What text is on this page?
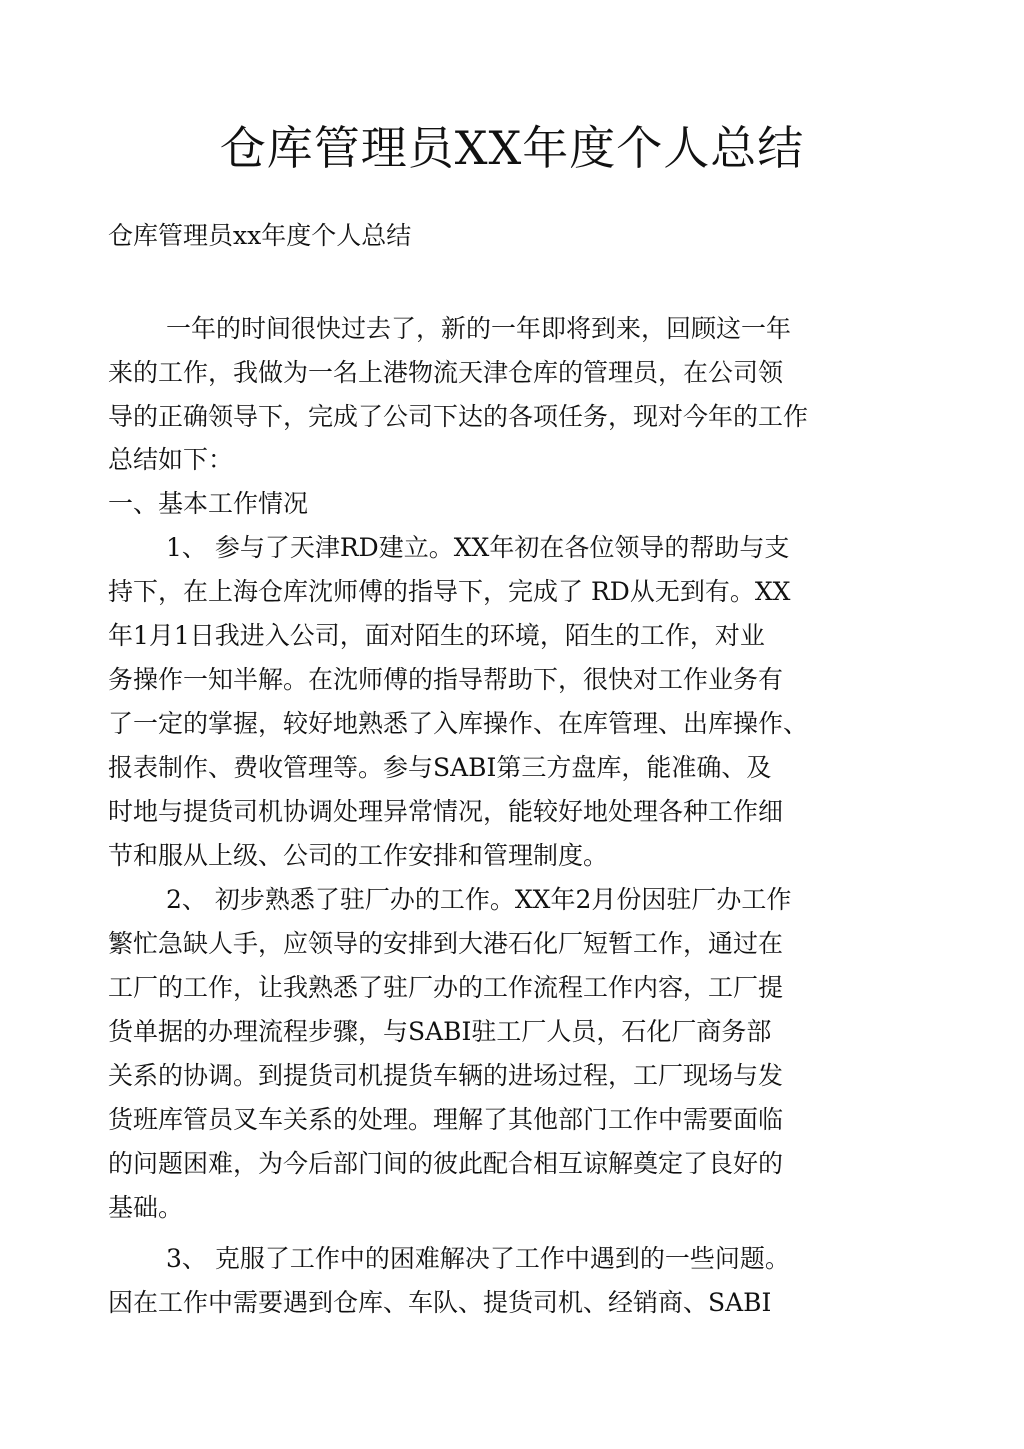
仓库管理员XX年度个人总结

仓库管理员xx年度个人总结

一年的时间很快过去了，新的一年即将到来，回顾这一年

来的工作，我做为一名上港物流天津仓库的管理员，在公司领

导的正确领导下，完成了公司下达的各项任务，现对今年的工作

总结如下：

一、基本工作情况

1、 参与了天津RD建立。XX年初在各位领导的帮助与支

持下，在上海仓库沈师傅的指导下，完成了 RD从无到有。XX

年1月1日我进入公司，面对陌生的环境，陌生的工作，对业

务操作一知半解。在沈师傅的指导帮助下，很快对工作业务有

了一定的掌握，较好地熟悉了入库操作、在库管理、出库操作、

报表制作、费收管理等。参与SABI第三方盘库，能准确、及

时地与提货司机协调处理异常情况，能较好地处理各种工作细

节和服从上级、公司的工作安排和管理制度。

2、 初步熟悉了驻厂办的工作。XX年2月份因驻厂办工作

繁忙急缺人手，应领导的安排到大港石化厂短暂工作，通过在

工厂的工作，让我熟悉了驻厂办的工作流程工作内容，工厂提

货单据的办理流程步骤，与SABI驻工厂人员，石化厂商务部

关系的协调。到提货司机提货车辆的进场过程，工厂现场与发

货班库管员叉车关系的处理。理解了其他部门工作中需要面临

的问题困难，为今后部门间的彼此配合相互谅解奠定了良好的

基础。

3、 克服了工作中的困难解决了工作中遇到的一些问题。

因在工作中需要遇到仓库、车队、提货司机、经销商、SABI
